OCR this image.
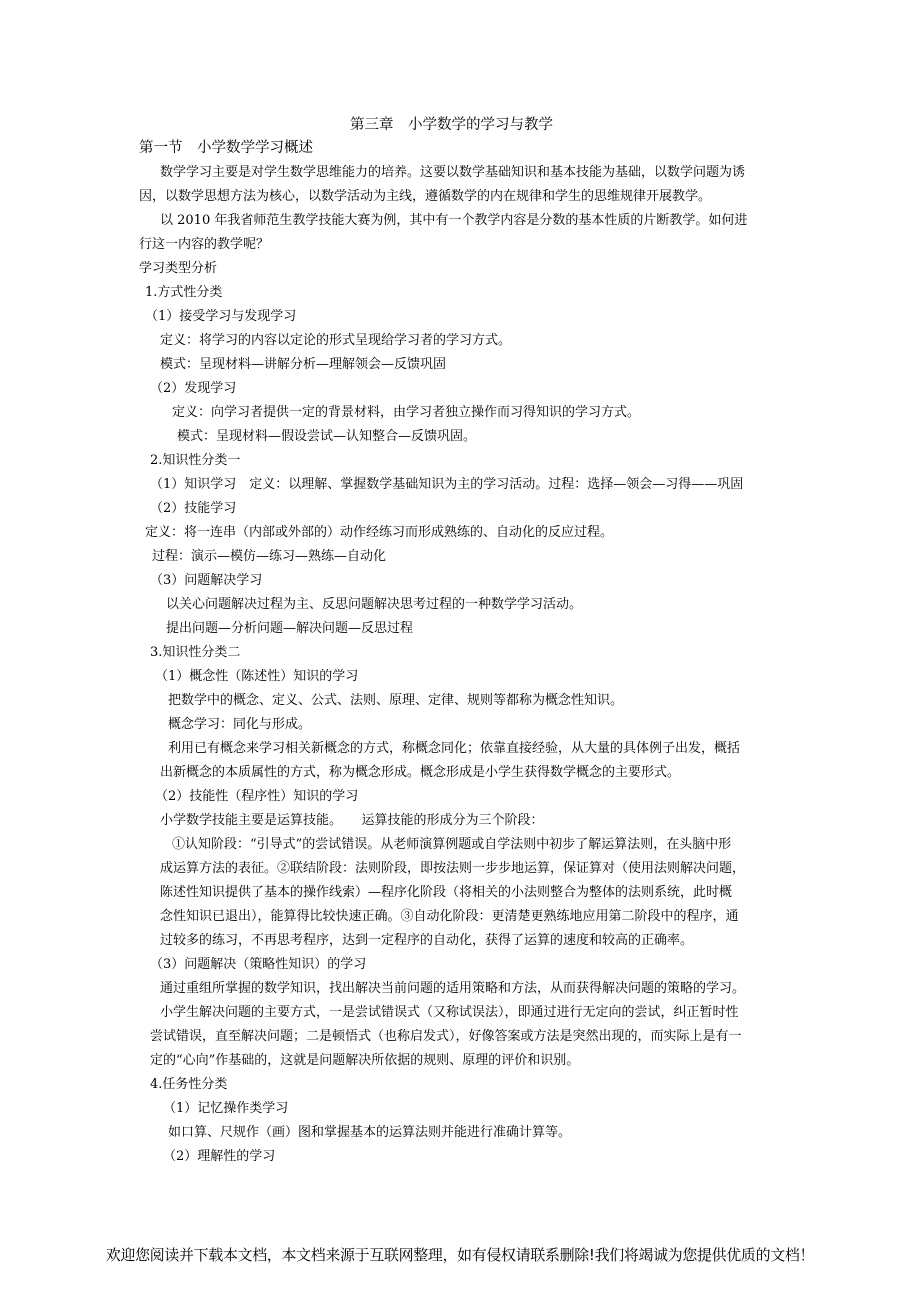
第三章　小学数学的学习与教学
第一节　小学数学学习概述
数学学习主要是对学生数学思维能力的培养。这要以数学基础知识和基本技能为基础，以数学问题为诱
因，以数学思想方法为核心，以数学活动为主线，遵循数学的内在规律和学生的思维规律开展教学。
以 2010 年我省师范生教学技能大赛为例，其中有一个教学内容是分数的基本性质的片断教学。如何进
行这一内容的教学呢？
学习类型分析
1.方式性分类
（1）接受学习与发现学习
定义：将学习的内容以定论的形式呈现给学习者的学习方式。
模式：呈现材料—讲解分析—理解领会—反馈巩固
（2）发现学习
定义：向学习者提供一定的背景材料，由学习者独立操作而习得知识的学习方式。
模式：呈现材料—假设尝试—认知整合—反馈巩固。
2.知识性分类一
（1）知识学习　定义：以理解、掌握数学基础知识为主的学习活动。过程：选择—领会—习得——巩固
（2）技能学习
定义：将一连串（内部或外部的）动作经练习而形成熟练的、自动化的反应过程。
过程：演示—模仿—练习—熟练—自动化
（3）问题解决学习
以关心问题解决过程为主、反思问题解决思考过程的一种数学学习活动。
提出问题—分析问题—解决问题—反思过程
3.知识性分类二
（1）概念性（陈述性）知识的学习
把数学中的概念、定义、公式、法则、原理、定律、规则等都称为概念性知识。
概念学习：同化与形成。
利用已有概念来学习相关新概念的方式，称概念同化；依靠直接经验，从大量的具体例子出发，概括
出新概念的本质属性的方式，称为概念形成。概念形成是小学生获得数学概念的主要形式。
（2）技能性（程序性）知识的学习
小学数学技能主要是运算技能。　　运算技能的形成分为三个阶段：
①认知阶段：“引导式”的尝试错误。从老师演算例题或自学法则中初步了解运算法则，在头脑中形
成运算方法的表征。②联结阶段：法则阶段，即按法则一步步地运算，保证算对（使用法则解决问题，
陈述性知识提供了基本的操作线索）—程序化阶段（将相关的小法则整合为整体的法则系统，此时概
念性知识已退出），能算得比较快速正确。③自动化阶段：更清楚更熟练地应用第二阶段中的程序，通
过较多的练习，不再思考程序，达到一定程序的自动化，获得了运算的速度和较高的正确率。
（3）问题解决（策略性知识）的学习
通过重组所掌握的数学知识，找出解决当前问题的适用策略和方法，从而获得解决问题的策略的学习。
小学生解决问题的主要方式，一是尝试错误式（又称试误法），即通过进行无定向的尝试，纠正暂时性
尝试错误，直至解决问题；二是顿悟式（也称启发式），好像答案或方法是突然出现的，而实际上是有一
定的“心向”作基础的，这就是问题解决所依据的规则、原理的评价和识别。
4.任务性分类
（1）记忆操作类学习
如口算、尺规作（画）图和掌握基本的运算法则并能进行准确计算等。
（2）理解性的学习
欢迎您阅读并下载本文档，本文档来源于互联网整理，如有侵权请联系删除!我们将竭诚为您提供优质的文档！
